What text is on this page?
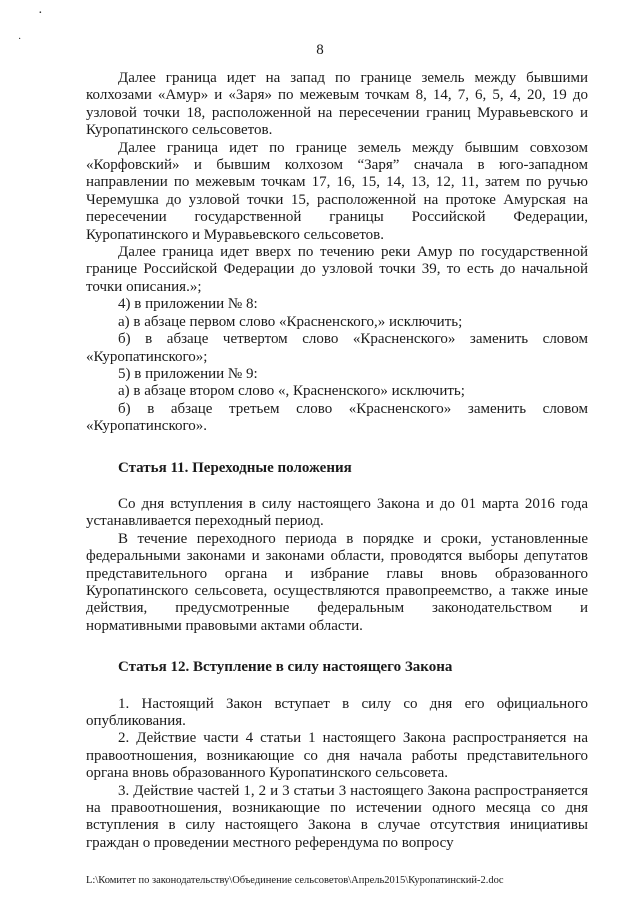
·
·
8

Далее граница идет на запад по границе земель между бывшими колхозами «Амур» и «Заря» по межевым точкам 8, 14, 7, 6, 5, 4, 20, 19 до узловой точки 18, расположенной на пересечении границ Муравьевского и Куропатинского сельсоветов.

Далее граница идет по границе земель между бывшим совхозом «Корфовский» и бывшим колхозом “Заря” сначала в юго-западном направлении по межевым точкам 17, 16, 15, 14, 13, 12, 11, затем по ручью Черемушка до узловой точки 15, расположенной на протоке Амурская на пересечении государственной границы Российской Федерации, Куропатинского и Муравьевского сельсоветов.

Далее граница идет вверх по течению реки Амур по государственной границе Российской Федерации до узловой точки 39, то есть до начальной точки описания.»;

4) в приложении № 8:

а) в абзаце первом слово «Красненского,» исключить;

б) в абзаце четвертом слово «Красненского» заменить словом «Куропатинского»;

5) в приложении № 9:

а) в абзаце втором слово «, Красненского» исключить;

б) в абзаце третьем слово «Красненского» заменить словом «Куропатинского».

Статья 11. Переходные положения

Со дня вступления в силу настоящего Закона и до 01 марта 2016 года устанавливается переходный период.

В течение переходного периода в порядке и сроки, установленные федеральными законами и законами области, проводятся выборы депутатов представительного органа и избрание главы вновь образованного Куропатинского сельсовета, осуществляются правопреемство, а также иные действия, предусмотренные федеральным законодательством и нормативными правовыми актами области.

Статья 12. Вступление в силу настоящего Закона

1. Настоящий Закон вступает в силу со дня его официального опубликования.

2. Действие части 4 статьи 1 настоящего Закона распространяется на правоотношения, возникающие со дня начала работы представительного органа вновь образованного Куропатинского сельсовета.

3. Действие частей 1, 2 и 3 статьи 3 настоящего Закона распространяется на правоотношения, возникающие по истечении одного месяца со дня вступления в силу настоящего Закона в случае отсутствия инициативы граждан о проведении местного референдума по вопросу

L:\Комитет по законодательству\Объединение сельсоветов\Апрель2015\Куропатинский-2.doc
